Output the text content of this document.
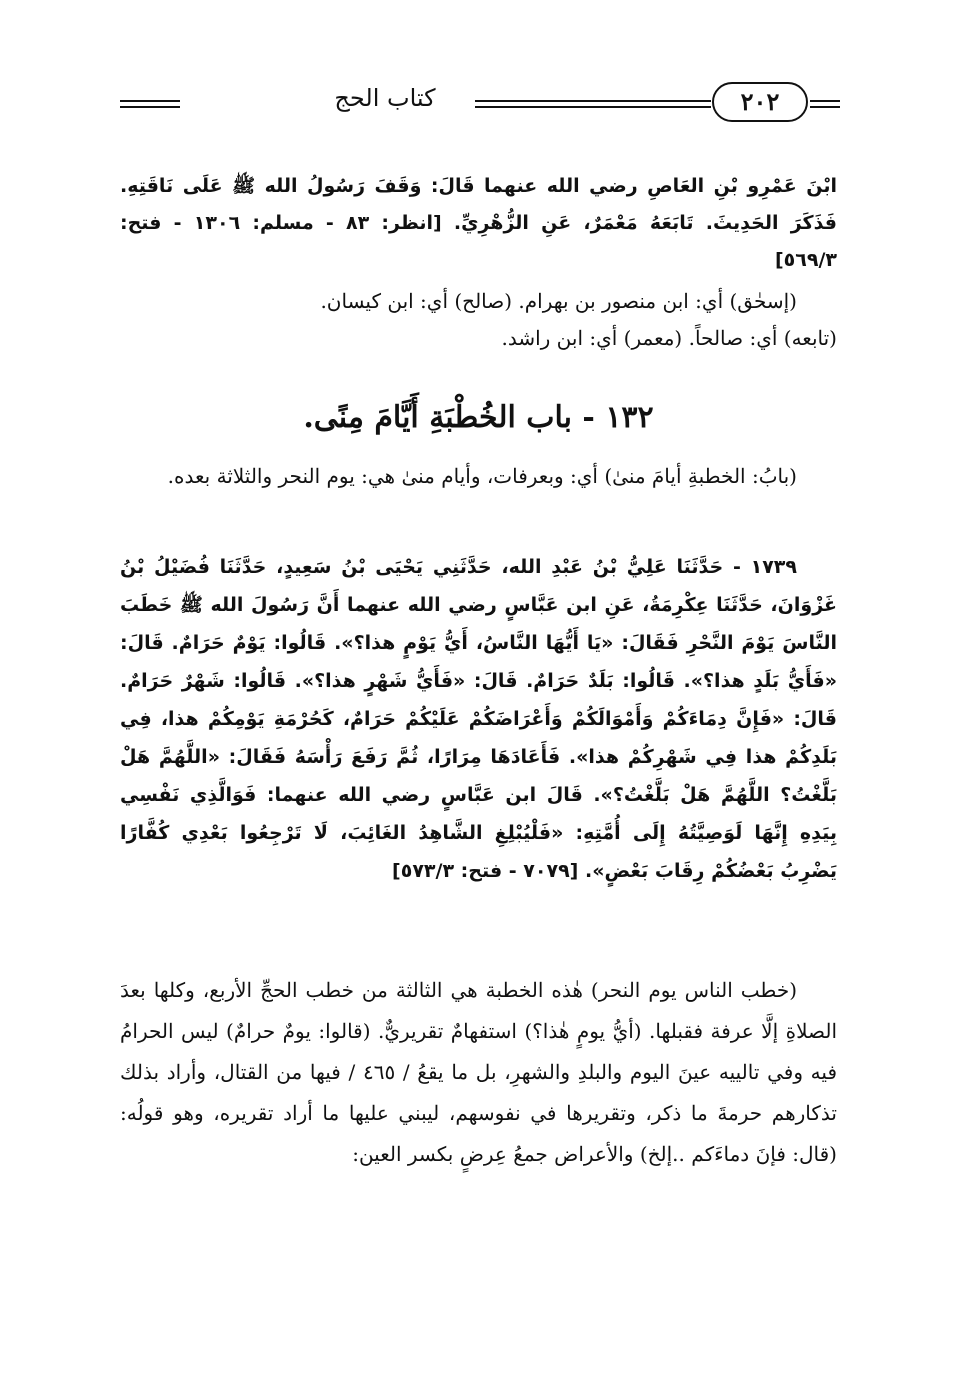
كتاب الحج	٢٠٢

ابْنَ عَمْرِو بْنِ العَاصِ رضي الله عنهما قَالَ: وَقَفَ رَسُولُ الله ﷺ عَلَى نَاقَتِهِ. فَذَكَرَ الحَدِيثَ. تَابَعَهُ مَعْمَرٌ، عَنِ الزُّهْرِيِّ. [انظر: ٨٣ - مسلم: ١٣٠٦ - فتح: ٥٦٩/٣]

(إسحٰق) أي: ابن منصور بن بهرام. (صالح) أي: ابن كيسان.

(تابعه) أي: صالحاً. (معمر) أي: ابن راشد.

١٣٢ - باب الخُطْبَةِ أَيَّامَ مِنًى.

(بابُ: الخطبةِ أيامَ منىٰ) أي: وبعرفات، وأيام منىٰ هي: يوم النحر والثلاثة بعده.

١٧٣٩ - حَدَّثَنَا عَلِيُّ بْنُ عَبْدِ الله، حَدَّثَنِي يَحْيَى بْنُ سَعِيدٍ، حَدَّثَنَا فُضَيْلُ بْنُ غَزْوَانَ، حَدَّثَنَا عِكْرِمَةُ، عَنِ ابن عَبَّاسٍ رضي الله عنهما أَنَّ رَسُولَ الله ﷺ خَطَبَ النَّاسَ يَوْمَ النَّحْرِ فَقَالَ: «يَا أَيُّهَا النَّاسُ، أَيُّ يَوْمٍ هذا؟». قَالُوا: يَوْمٌ حَرَامٌ. قَالَ: «فَأَيُّ بَلَدٍ هذا؟». قَالُوا: بَلَدٌ حَرَامٌ. قَالَ: «فَأَيُّ شَهْرٍ هذا؟». قَالُوا: شَهْرٌ حَرَامٌ. قَالَ: «فَإِنَّ دِمَاءَكُمْ وَأَمْوَالَكُمْ وَأَعْرَاضَكُمْ عَلَيْكُمْ حَرَامٌ، كَحُرْمَةِ يَوْمِكُمْ هذا، فِي بَلَدِكُمْ هذا فِي شَهْرِكُمْ هذا». فَأَعَادَهَا مِرَارًا، ثُمَّ رَفَعَ رَأْسَهُ فَقَالَ: «اللَّهُمَّ هَلْ بَلَّغْتُ؟ اللَّهُمَّ هَلْ بَلَّغْتُ؟». قَالَ ابن عَبَّاسٍ رضي الله عنهما: فَوَالَّذِي نَفْسِي بِيَدِهِ إِنَّهَا لَوَصِيَّتُهُ إِلَى أُمَّتِهِ: «فَلْيُبْلِغِ الشَّاهِدُ الغَائِبَ، لَا تَرْجِعُوا بَعْدِي كُفَّارًا يَضْرِبُ بَعْضُكُمْ رِقَابَ بَعْضٍ». [٧٠٧٩ - فتح: ٥٧٣/٣]

(خطب الناس يوم النحر) هٰذه الخطبة هي الثالثة من خطب الحجِّ الأربع، وكلها بعدَ الصلاةِ إلَّا عرفة فقبلها. (أيُّ يومٍ هٰذا؟) استفهامٌ تقريريٌّ. (قالوا: يومٌ حرامٌ) ليس الحرامُ فيه وفي تالييه عينَ اليوم والبلدِ والشهرِ، بل ما يقعُ / ٤٦٥ / فيها من القتال، وأراد بذلك تذكارهم حرمةَ ما ذكر، وتقريرها في نفوسهم، ليبني عليها ما أراد تقريره، وهو قولُه: (قال: فإنَ دماءَكم ..إلخ) والأعراض جمعُ عِرضٍ بكسر العين:
